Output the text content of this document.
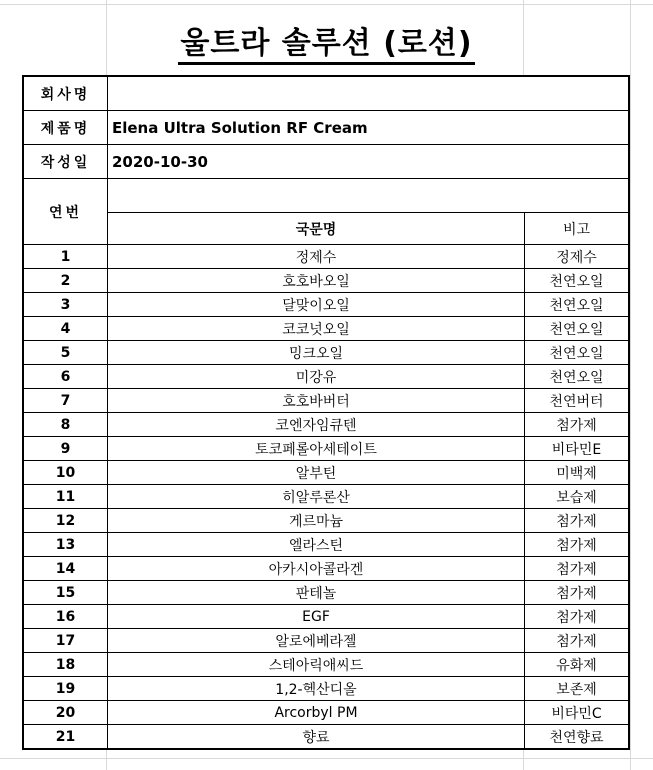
울트라 솔루션 (로션)
회사명
제품명	Elena Ultra Solution RF Cream
작성일	2020-10-30
연번
국문명	비고
1	정제수	정제수
2	호호바오일	천연오일
3	달맞이오일	천연오일
4	코코넛오일	천연오일
5	밍크오일	천연오일
6	미강유	천연오일
7	호호바버터	천연버터
8	코엔자임큐텐	첨가제
9	토코페롤아세테이트	비타민E
10	알부틴	미백제
11	히알루론산	보습제
12	게르마늄	첨가제
13	엘라스틴	첨가제
14	아카시아콜라겐	첨가제
15	판테놀	첨가제
16	EGF	첨가제
17	알로에베라젤	첨가제
18	스테아릭애씨드	유화제
19	1,2-헥산디올	보존제
20	Arcorbyl PM	비타민C
21	향료	천연향료
